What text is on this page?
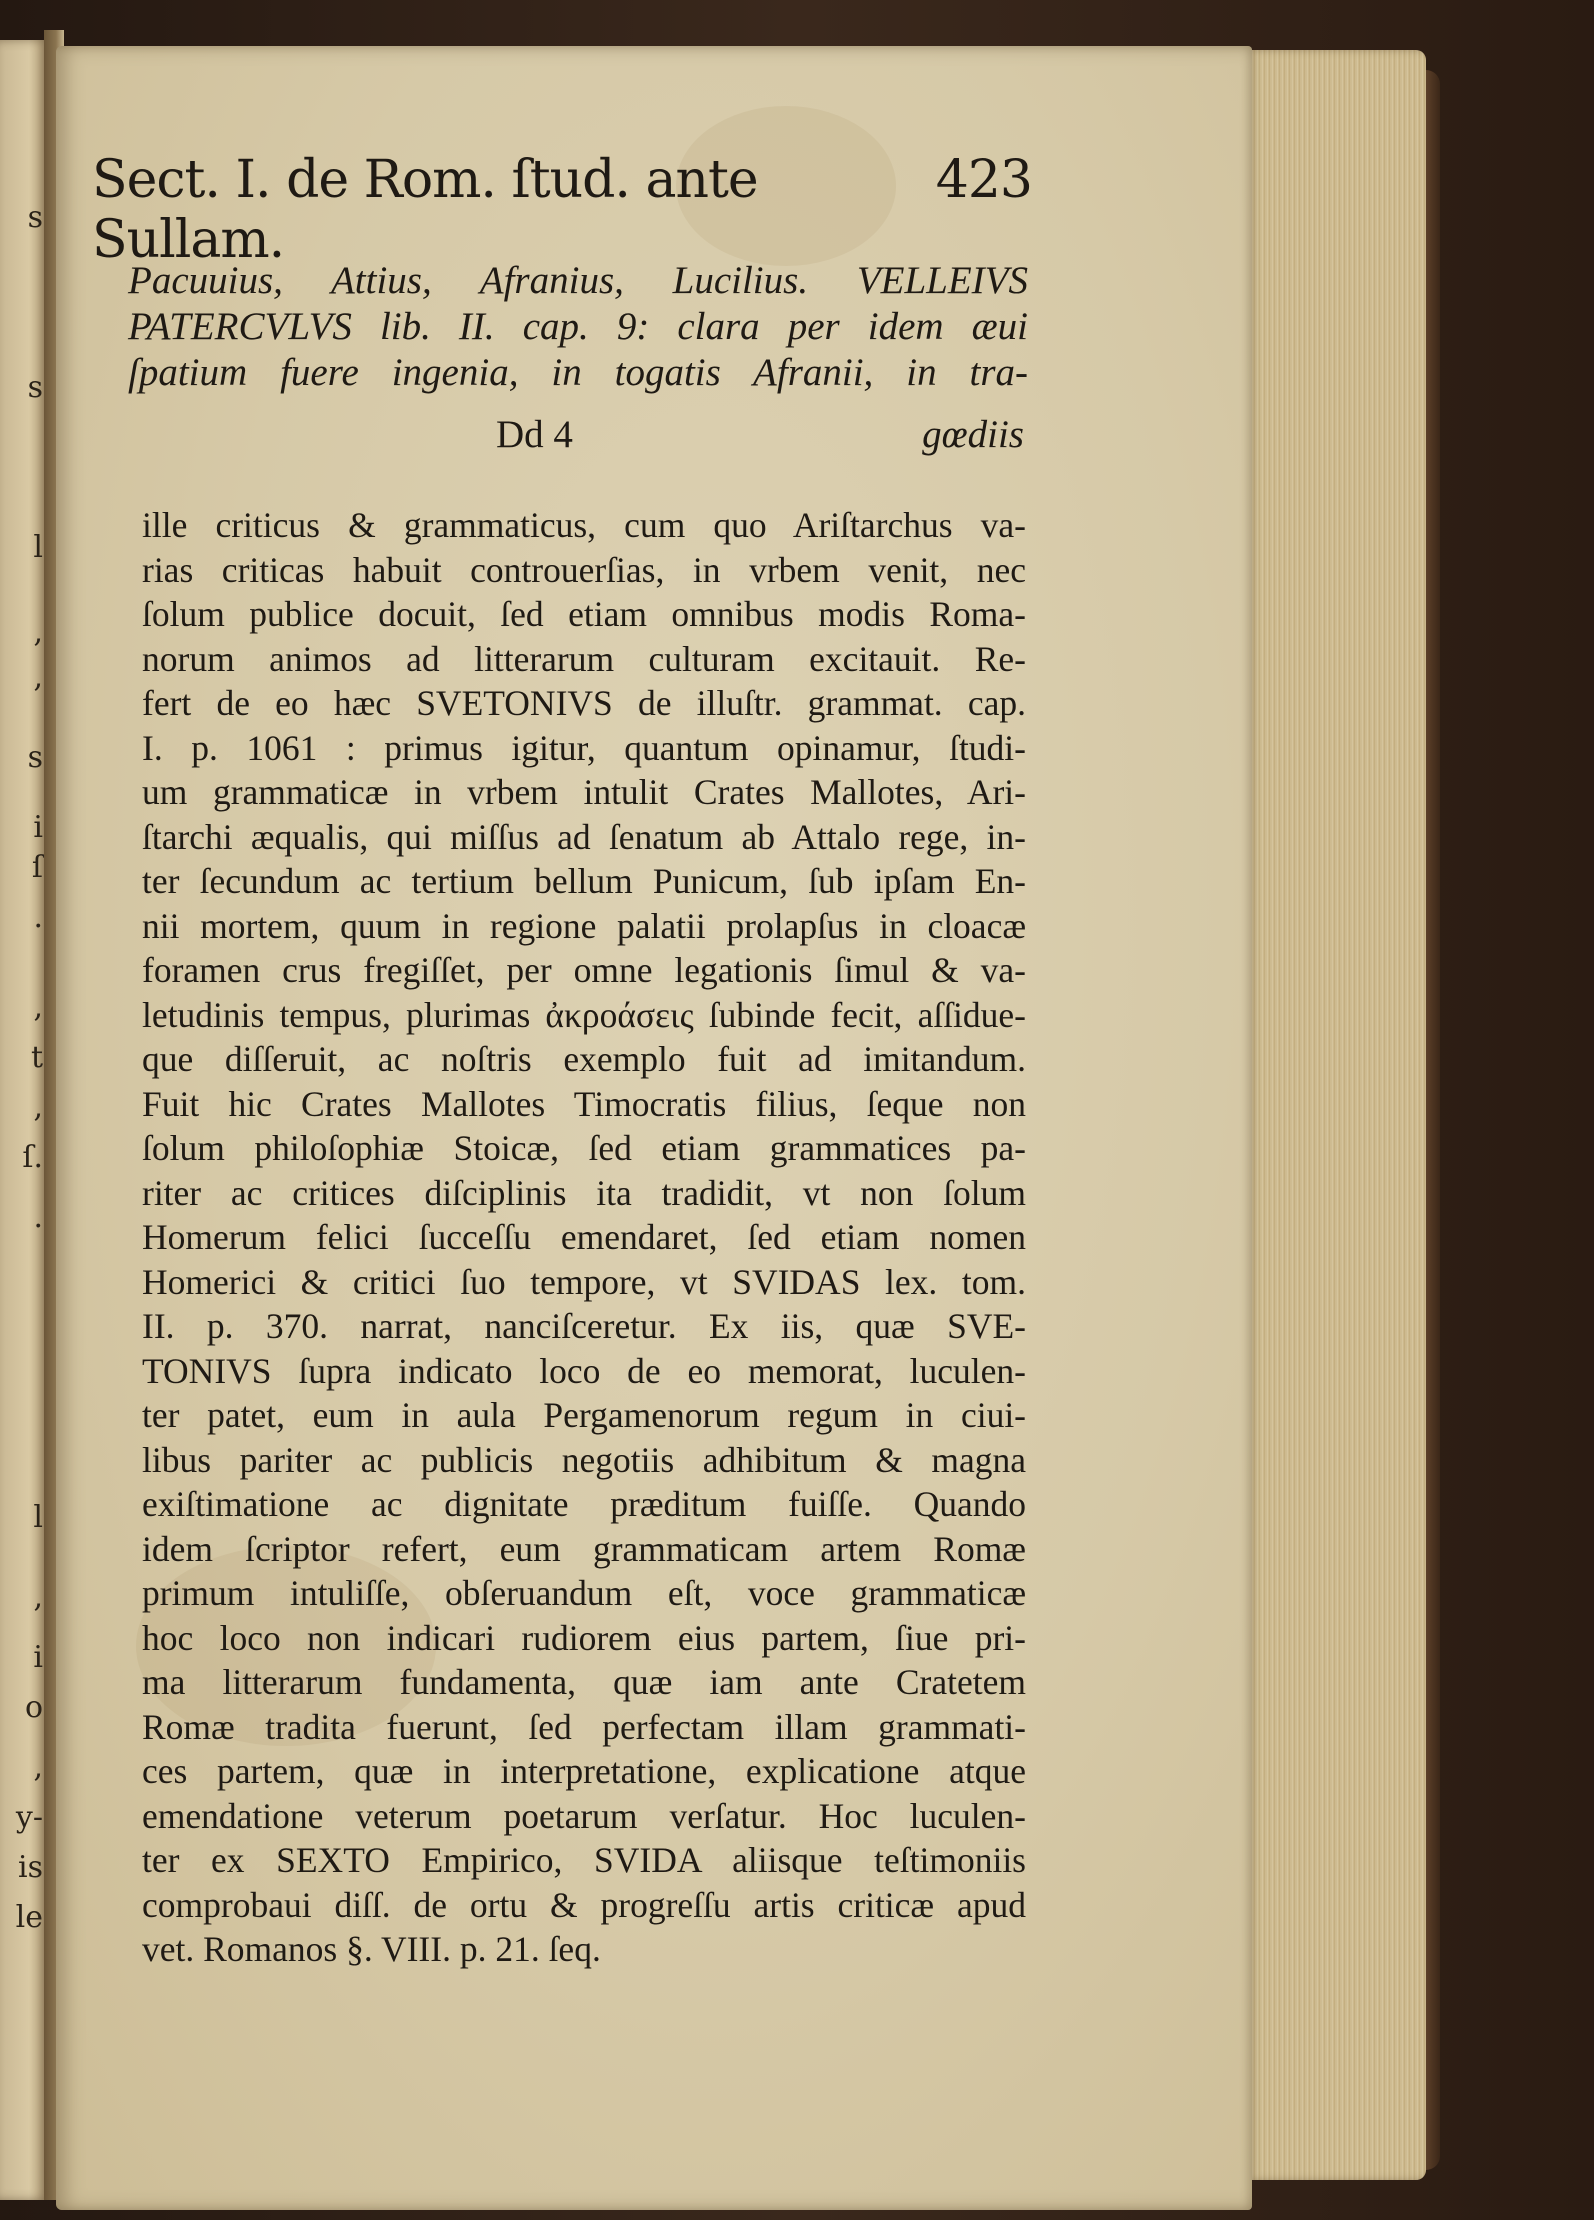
s
s
l
,
,
s
i
ſ
.
,
t
,
ſ.
.
l
,
i
o
,
y-
is
le
Sect. I. de Rom. ſtud. ante Sullam.
423
Pacuuius, Attius, Afranius, Lucilius. VELLEIVS
PATERCVLVS lib. II. cap. 9: clara per idem æui
ſpatium fuere ingenia, in togatis Afranii, in tra-
Dd 4	gœdiis
ille criticus & grammaticus, cum quo Ariſtarchus va-
rias criticas habuit controuerſias, in vrbem venit, nec
ſolum publice docuit, ſed etiam omnibus modis Roma-
norum animos ad litterarum culturam excitauit. Re-
fert de eo hæc SVETONIVS de illuſtr. grammat. cap.
I. p. 1061 : primus igitur, quantum opinamur, ſtudi-
um grammaticæ in vrbem intulit Crates Mallotes, Ari-
ſtarchi æqualis, qui miſſus ad ſenatum ab Attalo rege, in-
ter ſecundum ac tertium bellum Punicum, ſub ipſam En-
nii mortem, quum in regione palatii prolapſus in cloacæ
foramen crus fregiſſet, per omne legationis ſimul & va-
letudinis tempus, plurimas ἀκροάσεις ſubinde fecit, aſſidue-
que diſſeruit, ac noſtris exemplo fuit ad imitandum.
Fuit hic Crates Mallotes Timocratis filius, ſeque non
ſolum philoſophiæ Stoicæ, ſed etiam grammatices pa-
riter ac critices diſciplinis ita tradidit, vt non ſolum
Homerum felici ſucceſſu emendaret, ſed etiam nomen
Homerici & critici ſuo tempore, vt SVIDAS lex. tom.
II. p. 370. narrat, nanciſceretur. Ex iis, quæ SVE-
TONIVS ſupra indicato loco de eo memorat, luculen-
ter patet, eum in aula Pergamenorum regum in ciui-
libus pariter ac publicis negotiis adhibitum & magna
exiſtimatione ac dignitate præditum fuiſſe. Quando
idem ſcriptor refert, eum grammaticam artem Romæ
primum intuliſſe, obſeruandum eſt, voce grammaticæ
hoc loco non indicari rudiorem eius partem, ſiue pri-
ma litterarum fundamenta, quæ iam ante Cratetem
Romæ tradita fuerunt, ſed perfectam illam grammati-
ces partem, quæ in interpretatione, explicatione atque
emendatione veterum poetarum verſatur. Hoc luculen-
ter ex SEXTO Empirico, SVIDA aliisque teſtimoniis
comprobaui diſſ. de ortu & progreſſu artis criticæ apud
vet. Romanos §. VIII. p. 21. ſeq.
